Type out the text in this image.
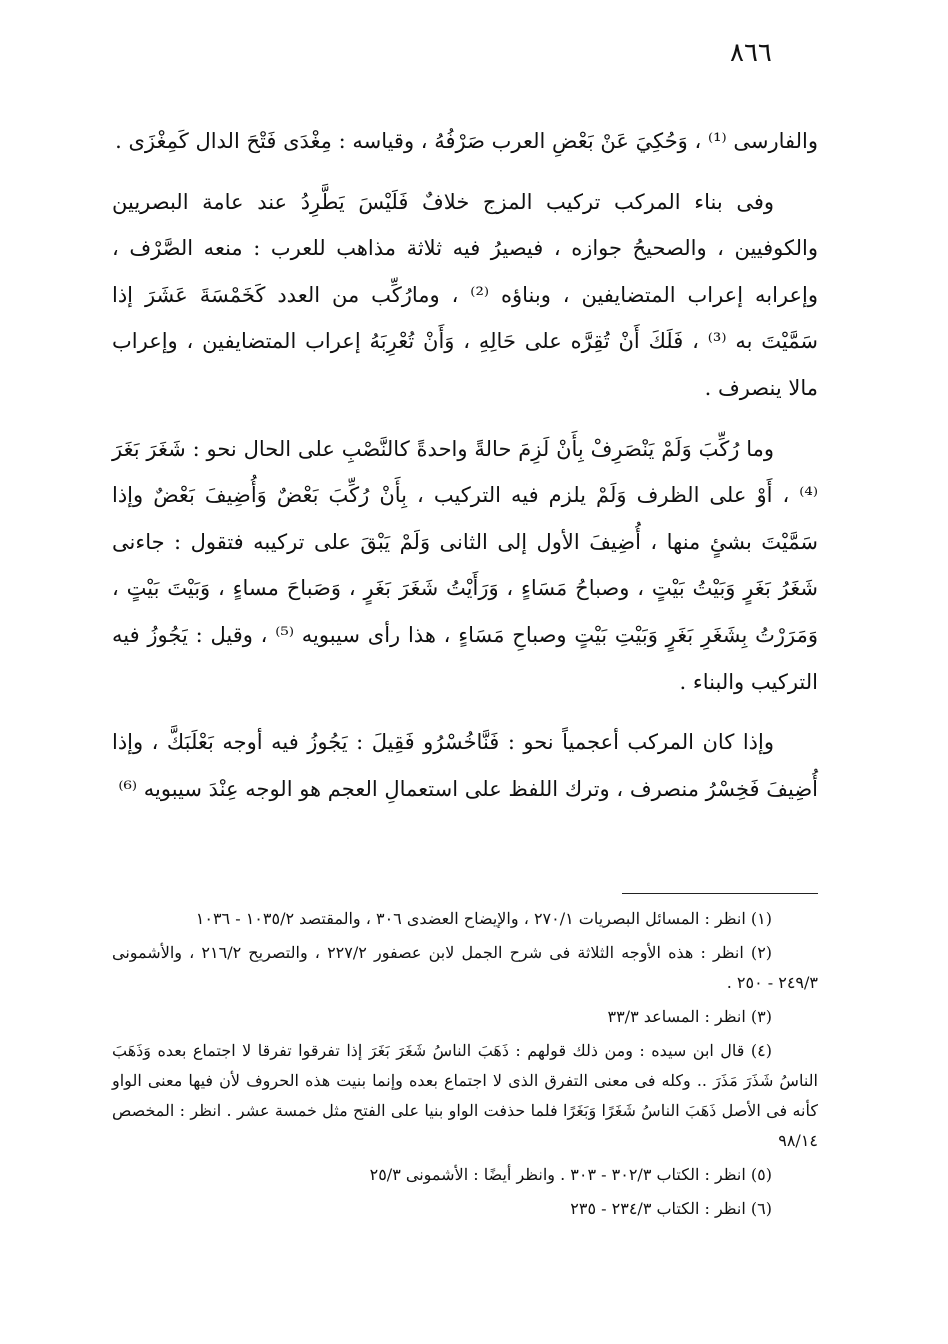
٨٦٦

والفارسى ⁽¹⁾ ، وَحُكِيَ عَنْ بَعْضِ العرب صَرْفُهُ ، وقياسه : مِغْدَى فَتْحَ الدال كَمِغْزَى .

وفى بناء المركب تركيب المزج خلافٌ فَلَيْسَ يَطَّرِدُ عند عامة البصريين والكوفيين ، والصحيحُ جوازه ، فيصيرُ فيه ثلاثة مذاهب للعرب : منعه الصَّرْف ، وإعرابه إعراب المتضايفين ، وبناؤه ⁽²⁾ ، ومارُكِّب من العدد كَخَمْسَةَ عَشَرَ إذا سَمَّيْتَ به ⁽³⁾ ، فَلَكَ أَنْ تُقِرَّه على حَالِهِ ، وَأَنْ تُعْرِبَهُ إعراب المتضايفين ، وإعراب مالا ينصرف .

وما رُكِّبَ وَلَمْ يَنْصَرِفْ بِأَنْ لَزِمَ حالةً واحدةً كالنَّصْبِ على الحال نحو : شَغَرَ بَغَرَ ⁽⁴⁾ ، أَوْ على الظرف وَلَمْ يلزم فيه التركيب ، بِأَنْ رُكِّبَ بَعْضٌ وَأُضِيفَ بَعْضٌ وإذا سَمَّيْتَ بشئٍ منها ، أُضِيفَ الأول إلى الثانى وَلَمْ يَبْقَ على تركيبه فتقول : جاءنى شَغَرُ بَغَرٍ وَبَيْتُ بَيْتٍ ، وصباحُ مَسَاءٍ ، وَرَأَيْتُ شَغَرَ بَغَرٍ ، وَصَباحَ مساءٍ ، وَبَيْتَ بَيْتٍ ، وَمَرَرْتُ بِشَغَرِ بَغَرٍ وَبَيْتِ بَيْتٍ وصباحِ مَسَاءٍ ، هذا رأى سيبويه ⁽⁵⁾ ، وقيل : يَجُوزُ فيه التركيب والبناء .

وإذا كان المركب أعجمياً نحو : فَنَّاخُسْرُو فَقِيلَ : يَجُوزُ فيه أوجه بَعْلَبَكَّ ، وإذا أُضِيفَ فَخِسْرُ منصرف ، وترك اللفظ على استعمالِ العجم هو الوجه عِنْدَ سيبويه ⁽⁶⁾

(١) انظر : المسائل البصريات ٢٧٠/١ ، والإيضاح العضدى ٣٠٦ ، والمقتصد ١٠٣٥/٢ - ١٠٣٦

(٢) انظر : هذه الأوجه الثلاثة فى شرح الجمل لابن عصفور ٢٢٧/٢ ، والتصريح ٢١٦/٢ ، والأشمونى ٢٤٩/٣ - ٢٥٠ .

(٣) انظر : المساعد ٣٣/٣

(٤) قال ابن سيده : ومن ذلك قولهم : ذَهَبَ الناسُ شَغَرَ بَغَرَ إذا تفرقوا تفرقا لا اجتماع بعده وَذَهَبَ الناسُ شَذَرَ مَذَرَ .. وكله فى معنى التفرق الذى لا اجتماع بعده وإنما بنيت هذه الحروف لأن فيها معنى الواو كأنه فى الأصل ذَهَبَ الناسُ شَغَرًا وَبَغَرًا فلما حذفت الواو بنيا على الفتح مثل خمسة عشر . انظر : المخصص ٩٨/١٤

(٥) انظر : الكتاب ٣٠٢/٣ - ٣٠٣ . وانظر أيضًا : الأشمونى ٢٥/٣

(٦) انظر : الكتاب ٢٣٤/٣ - ٢٣٥
